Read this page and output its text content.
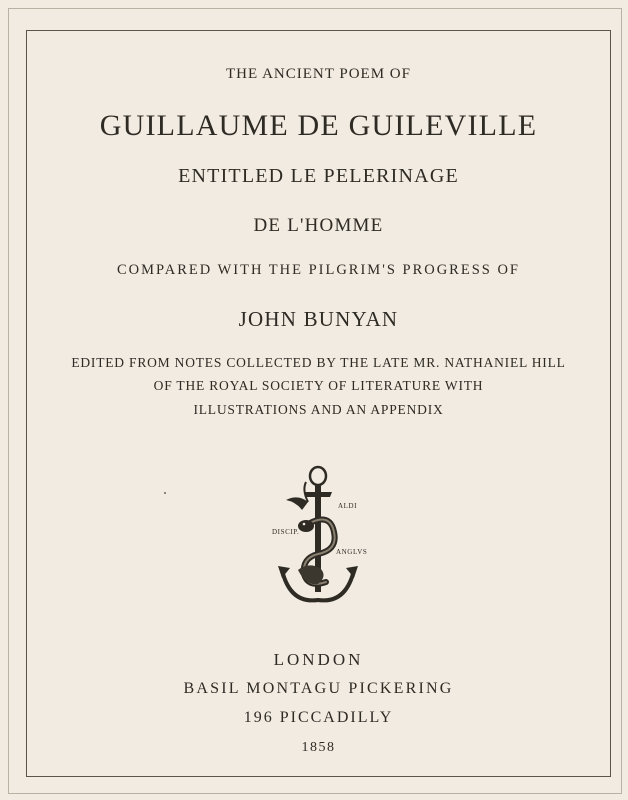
THE ANCIENT POEM OF
GUILLAUME DE GUILEVILLE
ENTITLED LE PELERINAGE
DE L'HOMME
COMPARED WITH THE PILGRIM'S PROGRESS OF
JOHN BUNYAN
EDITED FROM NOTES COLLECTED BY THE LATE MR. NATHANIEL HILL
OF THE ROYAL SOCIETY OF LITERATURE WITH
ILLUSTRATIONS AND AN APPENDIX
ALDI
DISCIP.
ANGLVS
LONDON
BASIL MONTAGU PICKERING
196 PICCADILLY
1858
